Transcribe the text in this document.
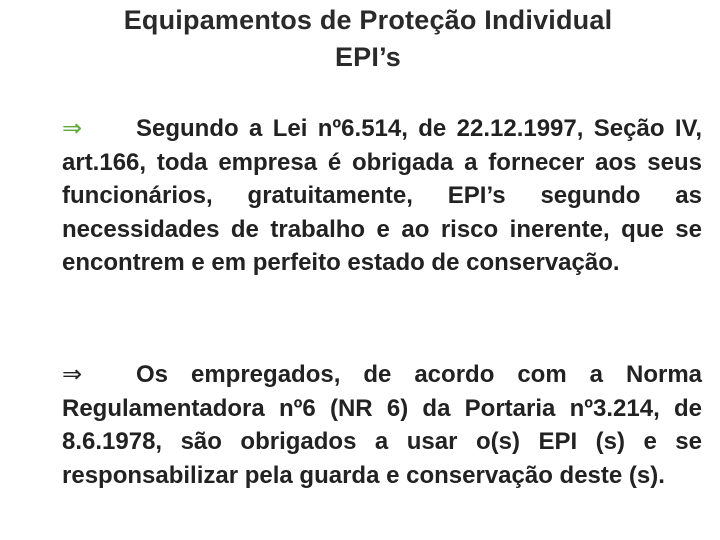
Equipamentos de Proteção Individual
EPI’s
⇒ Segundo a Lei nº6.514, de 22.12.1997, Seção IV, art.166, toda empresa é obrigada a fornecer aos seus funcionários, gratuitamente, EPI’s segundo as necessidades de trabalho e ao risco inerente, que se encontrem e em perfeito estado de conservação.
⇒ Os empregados, de acordo com a Norma Regulamentadora nº6 (NR 6) da Portaria nº3.214, de 8.6.1978, são obrigados a usar o(s) EPI (s) e se responsabilizar pela guarda e conservação deste (s).
